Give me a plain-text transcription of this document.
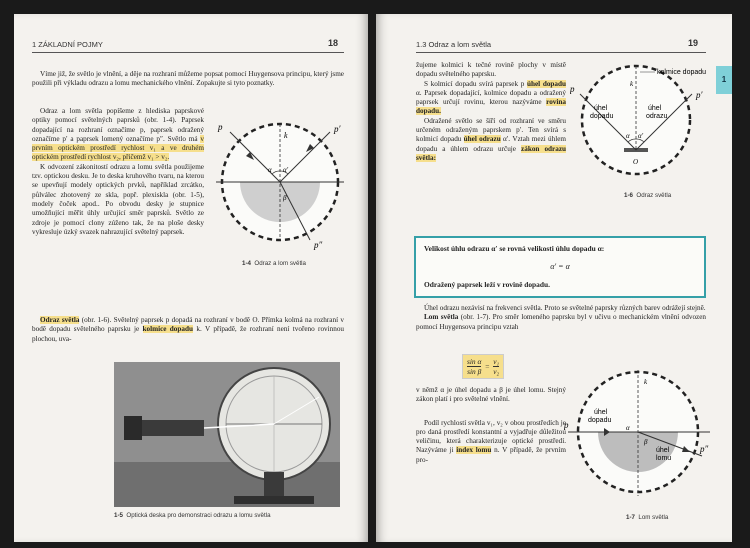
1 ZÁKLADNÍ POJMY	18

Víme již, že světlo je vlnění, a děje na rozhraní můžeme popsat pomocí Huygensova principu, který jsme použili při výkladu odrazu a lomu mechanického vlnění. Zopakujte si tyto poznatky.

Odraz a lom světla popíšeme z hlediska paprskové optiky pomocí světelných paprsků (obr. 1-4). Paprsek dopadající na rozhraní označíme p, paprsek odražený označíme p′ a paprsek lomený označíme p″. Světlo má v prvním optickém prostředí rychlost v₁ a ve druhém optickém prostředí rychlost v₂, přičemž v₁ > v₂.

K odvození zákonitostí odrazu a lomu světla použijeme tzv. optickou desku. Je to deska kruhového tvaru, na kterou se upevňují modely optických prvků, například zrcátko, půlválec zhotovený ze skla, popř. plexiskla (obr. 1-5), modely čoček apod.. Po obvodu desky je stupnice umožňující měřit úhly určující směr paprsků. Světlo ze zdroje je pomocí clony zúženo tak, že na ploše desky vykresluje úzký svazek nahrazující světelný paprsek.

p
k
p′
p″
α α′
β
1-4 Odraz a lom světla

Odraz světla (obr. 1-6). Světelný paprsek p dopadá na rozhraní v bodě O. Přímka kolmá na rozhraní v bodě dopadu světelného paprsku je kolmice dopadu k. V případě, že rozhraní není tvořeno rovinnou plochou, uva-

1-5 Optická deska pro demonstraci odrazu a lomu světla
1.3 Odraz a lom světla	19
1

žujeme kolmici k tečné rovině plochy v místě dopadu světelného paprsku.

S kolmicí dopadu svírá paprsek p úhel dopadu α. Paprsek dopadající, kolmice dopadu a odražený paprsek určují rovinu, kterou nazýváme rovina dopadu.

Odražené světlo se šíří od rozhraní ve směru určeném odraženým paprskem p′. Ten svírá s kolmicí dopadu úhel odrazu α′. Vztah mezi úhlem dopadu a úhlem odrazu určuje zákon odrazu světla:

kolmice dopadu
k
úhel
dopadu
úhel
odrazu
α α′
p
p′
O
1-6 Odraz světla
Velikost úhlu odrazu α′ se rovná velikosti úhlu dopadu α:
α′ = α
Odražený paprsek leží v rovině dopadu.

Úhel odrazu nezávisí na frekvenci světla. Proto se světelné paprsky různých barev odrážejí stejně.

Lom světla (obr. 1-7). Pro směr lomeného paprsku byl v učivu o mechanickém vlnění odvozen pomocí Huygensova principu vztah

$\frac{\text{sin α}}{\text{sin β}} = \frac{\text{v₁}}{\text{v₂}}$

v němž α je úhel dopadu a β je úhel lomu. Stejný zákon platí i pro světelné vlnění.

Podíl rychlostí světla v₁, v₂ v obou prostředích je pro daná prostředí konstantní a vyjadřuje důležitou veličinu, která charakterizuje optické prostředí. Nazýváme ji index lomu n. V případě, že prvním pro-

k
úhel
dopadu
α
β
úhel
lomu
p
p″
1-7 Lom světla
